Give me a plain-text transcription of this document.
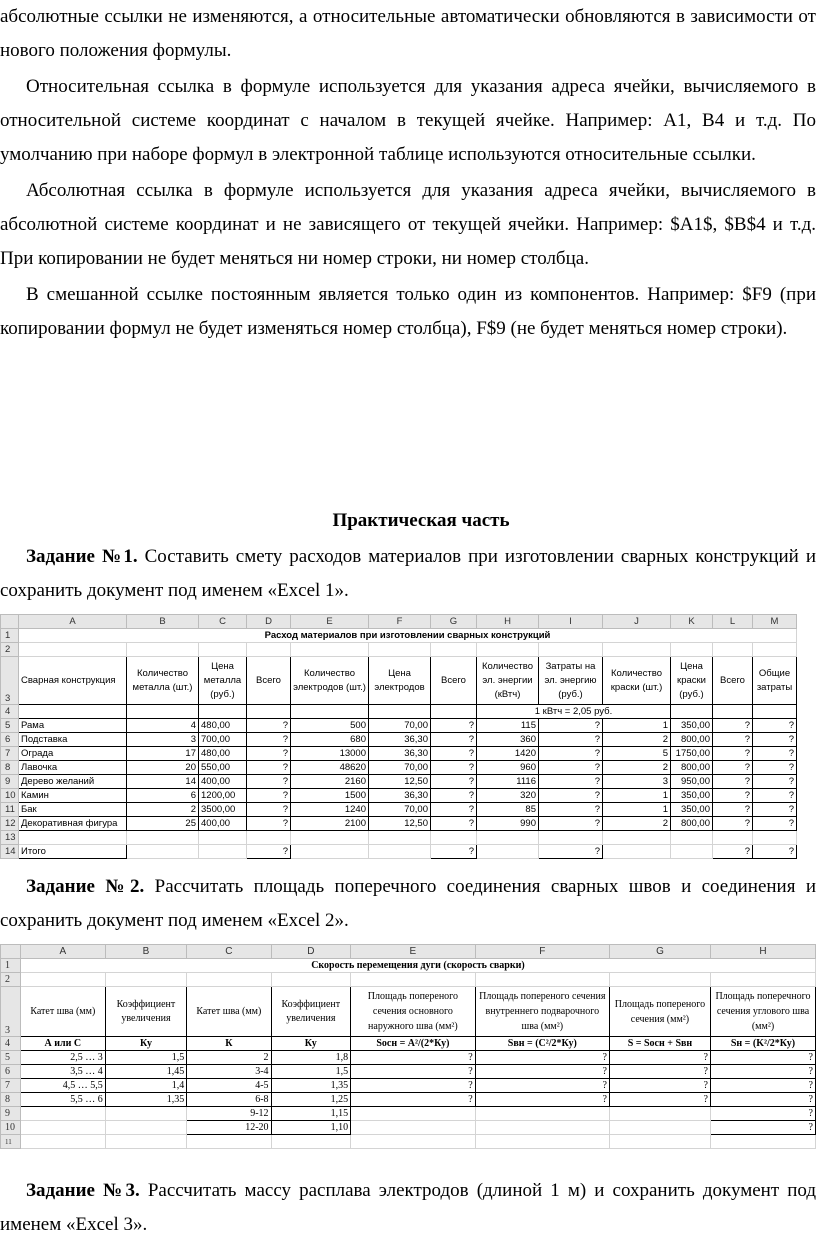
абсолютные ссылки не изменяются, а относительные автоматически обновляются в зависимости от нового положения формулы.

Относительная ссылка в формуле используется для указания адреса ячейки, вычисляемого в относительной системе координат с началом в текущей ячейке. Например: А1, В4 и т.д. По умолчанию при наборе формул в электронной таблице используются относительные ссылки.

Абсолютная ссылка в формуле используется для указания адреса ячейки, вычисляемого в абсолютной системе координат и не зависящего от текущей ячейки. Например: $А1$, $В$4 и т.д. При копировании не будет меняться ни номер строки, ни номер столбца.

В смешанной ссылке постоянным является только один из компонентов. Например: $F9 (при копировании формул не будет изменяться номер столбца), F$9 (не будет меняться номер строки).

Практическая часть
Задание №1. Составить смету расходов материалов при изготовлении сварных конструкций и сохранить документ под именем «Excel 1».
	A	B	C	D	E	F	G	H	I	J	K	L	M
1	Расход материалов при изготовлении сварных конструкций												
2													
3	Сварная конструкция	Количество металла (шт.)	Цена металла (руб.)	Всего	Количество электродов (шт.)	Цена электродов	Всего	Количество эл. энергии (кВтч)	Затраты на эл. энергию (руб.)	Количество краски (шт.)	Цена краски (руб.)	Всего	Общие затраты
4								1 кВтч = 2,05 руб.					
5	Рама	4	480,00	?	500	70,00	?	115	?	1	350,00	?	?
6	Подставка	3	700,00	?	680	36,30	?	360	?	2	800,00	?	?
7	Ограда	17	480,00	?	13000	36,30	?	1420	?	5	1750,00	?	?
8	Лавочка	20	550,00	?	48620	70,00	?	960	?	2	800,00	?	?
9	Дерево желаний	14	400,00	?	2160	12,50	?	1116	?	3	950,00	?	?
10	Камин	6	1200,00	?	1500	36,30	?	320	?	1	350,00	?	?
11	Бак	2	3500,00	?	1240	70,00	?	85	?	1	350,00	?	?
12	Декоративная фигура	25	400,00	?	2100	12,50	?	990	?	2	800,00	?	?
13													
14	Итого			?			?		?			?	?
Задание №2. Рассчитать площадь поперечного соединения сварных швов и соединения и сохранить документ под именем «Excel 2».
	A	B	C	D	E	F	G	H
1	Скорость перемещения дуги (скорость сварки)							
2								
3	Катет шва (мм)	Коэффициент увеличения	Катет шва (мм)	Коэффициент увеличения	Площадь попереного сечения основного наружного шва (мм²)	Площадь попереного сечения внутреннего подварочного шва (мм²)	Площадь попереного сечения (мм²)	Площадь поперечного сечения углового шва (мм²)
4	А или С	Ку	К	Ку	Sосн = A²/(2*Ку)	Sвн = (C²/2*Ку)	S = Sосн + Sвн	Sн = (K²/2*Ку)
5	2,5 … 3	1,5	2	1,8	?	?	?	?
6	3,5 … 4	1,45	3-4	1,5	?	?	?	?
7	4,5 … 5,5	1,4	4-5	1,35	?	?	?	?
8	5,5 … 6	1,35	6-8	1,25	?	?	?	?
9			9-12	1,15				?
10			12-20	1,10				?
11								
Задание №3. Рассчитать массу расплава электродов (длиной 1 м) и сохранить документ под именем «Excel 3».
